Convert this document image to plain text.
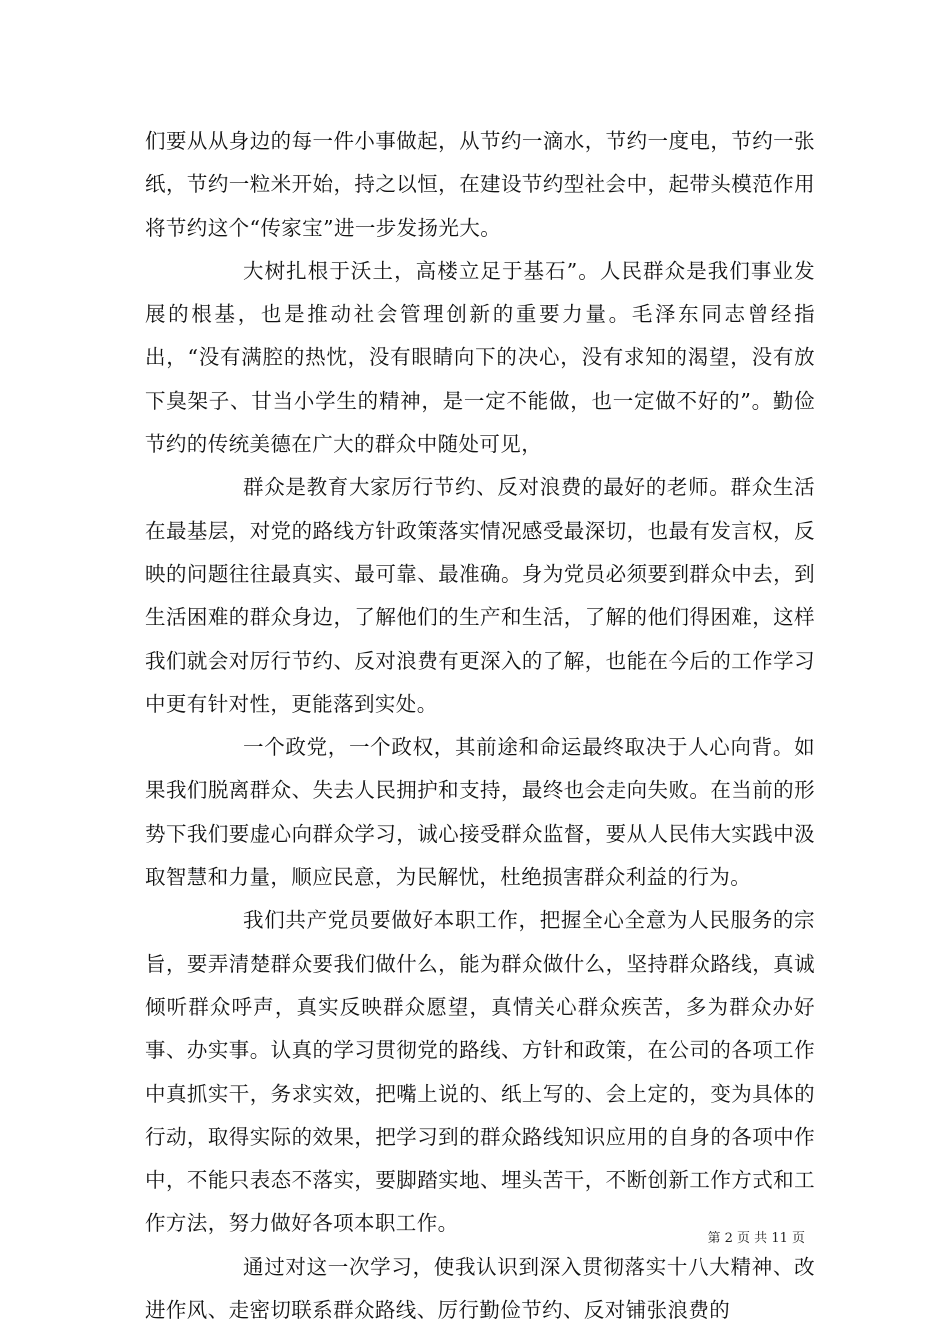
们要从从身边的每一件小事做起，从节约一滴水，节约一度电，节约一张纸，节约一粒米开始，持之以恒，在建设节约型社会中，起带头模范作用将节约这个“传家宝”进一步发扬光大。

大树扎根于沃土，高楼立足于基石”。人民群众是我们事业发展的根基，也是推动社会管理创新的重要力量。毛泽东同志曾经指出，“没有满腔的热忱，没有眼睛向下的决心，没有求知的渴望，没有放下臭架子、甘当小学生的精神，是一定不能做，也一定做不好的”。勤俭节约的传统美德在广大的群众中随处可见，

群众是教育大家厉行节约、反对浪费的最好的老师。群众生活在最基层，对党的路线方针政策落实情况感受最深切，也最有发言权，反映的问题往往最真实、最可靠、最准确。身为党员必须要到群众中去，到生活困难的群众身边，了解他们的生产和生活，了解的他们得困难，这样我们就会对厉行节约、反对浪费有更深入的了解，也能在今后的工作学习中更有针对性，更能落到实处。

一个政党，一个政权，其前途和命运最终取决于人心向背。如果我们脱离群众、失去人民拥护和支持，最终也会走向失败。在当前的形势下我们要虚心向群众学习，诚心接受群众监督，要从人民伟大实践中汲取智慧和力量，顺应民意，为民解忧，杜绝损害群众利益的行为。

我们共产党员要做好本职工作，把握全心全意为人民服务的宗旨，要弄清楚群众要我们做什么，能为群众做什么，坚持群众路线，真诚倾听群众呼声，真实反映群众愿望，真情关心群众疾苦，多为群众办好事、办实事。认真的学习贯彻党的路线、方针和政策，在公司的各项工作中真抓实干，务求实效，把嘴上说的、纸上写的、会上定的，变为具体的行动，取得实际的效果，把学习到的群众路线知识应用的自身的各项中作中，不能只表态不落实，要脚踏实地、埋头苦干，不断创新工作方式和工作方法，努力做好各项本职工作。

通过对这一次学习，使我认识到深入贯彻落实十八大精神、改进作风、走密切联系群众路线、厉行勤俭节约、反对铺张浪费的

第 2 页 共 11 页
